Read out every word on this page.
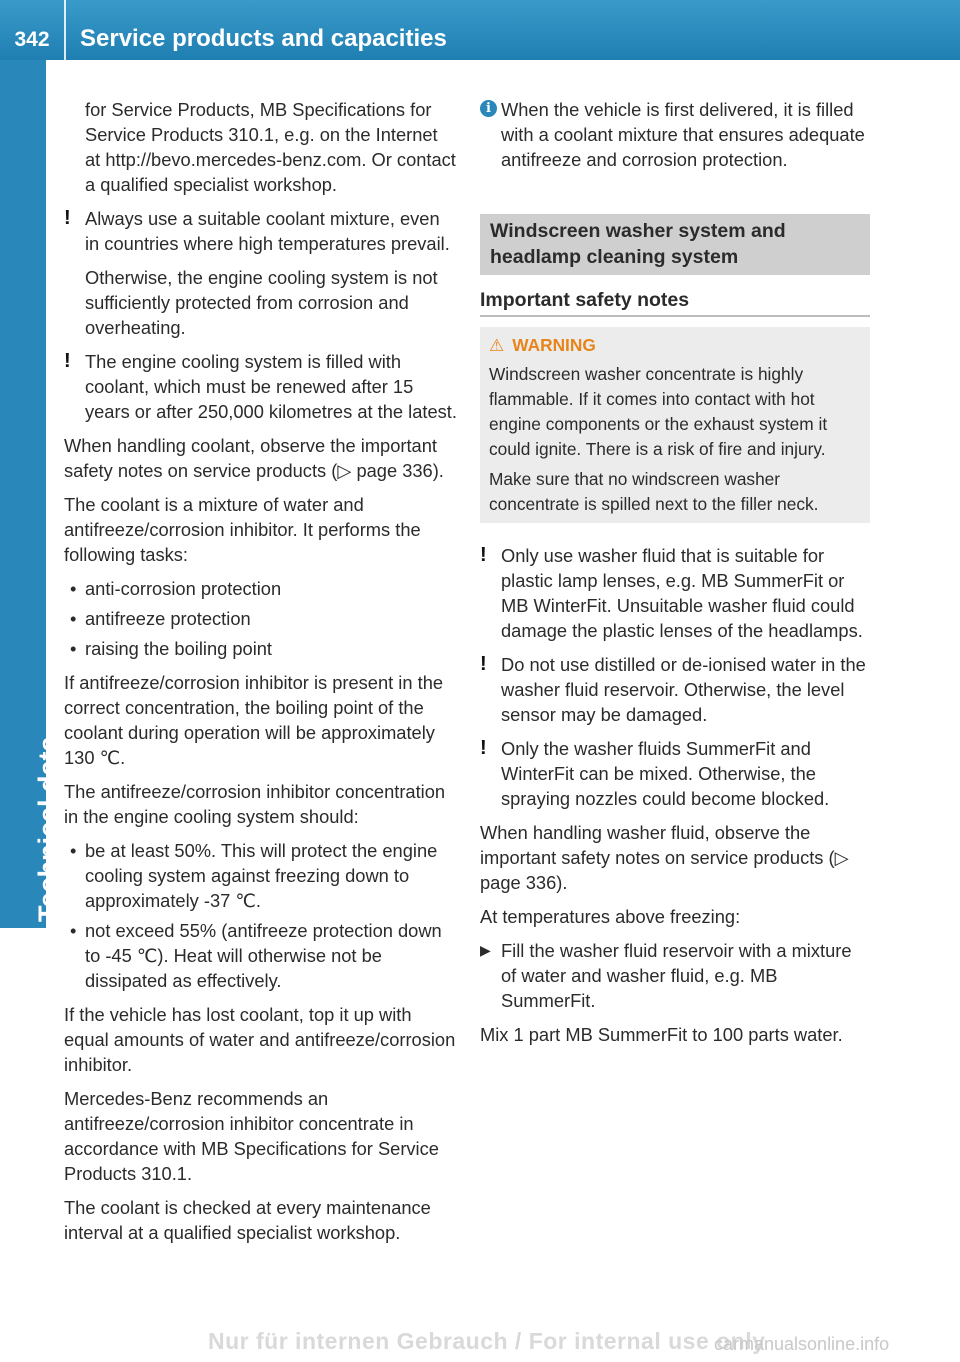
342	Service products and capacities
Technical data

for Service Products, MB Specifications for Service Products 310.1, e.g. on the Internet at http://bevo.mercedes-benz.com. Or contact a qualified specialist workshop.

! Always use a suitable coolant mixture, even in countries where high temperatures prevail.

Otherwise, the engine cooling system is not sufficiently protected from corrosion and overheating.

! The engine cooling system is filled with coolant, which must be renewed after 15 years or after 250,000 kilometres at the latest.

When handling coolant, observe the important safety notes on service products (▷ page 336).

The coolant is a mixture of water and antifreeze/corrosion inhibitor. It performs the following tasks:

• anti-corrosion protection
• antifreeze protection
• raising the boiling point

If antifreeze/corrosion inhibitor is present in the correct concentration, the boiling point of the coolant during operation will be approximately 130 ℃.

The antifreeze/corrosion inhibitor concentration in the engine cooling system should:

• be at least 50%. This will protect the engine cooling system against freezing down to approximately -37 ℃.
• not exceed 55% (antifreeze protection down to -45 ℃). Heat will otherwise not be dissipated as effectively.

If the vehicle has lost coolant, top it up with equal amounts of water and antifreeze/corrosion inhibitor.

Mercedes-Benz recommends an antifreeze/corrosion inhibitor concentrate in accordance with MB Specifications for Service Products 310.1.

The coolant is checked at every maintenance interval at a qualified specialist workshop.

i When the vehicle is first delivered, it is filled with a coolant mixture that ensures adequate antifreeze and corrosion protection.

Windscreen washer system and headlamp cleaning system
Important safety notes
⚠ WARNING

Windscreen washer concentrate is highly flammable. If it comes into contact with hot engine components or the exhaust system it could ignite. There is a risk of fire and injury.

Make sure that no windscreen washer concentrate is spilled next to the filler neck.

! Only use washer fluid that is suitable for plastic lamp lenses, e.g. MB SummerFit or MB WinterFit. Unsuitable washer fluid could damage the plastic lenses of the headlamps.

! Do not use distilled or de-ionised water in the washer fluid reservoir. Otherwise, the level sensor may be damaged.

! Only the washer fluids SummerFit and WinterFit can be mixed. Otherwise, the spraying nozzles could become blocked.

When handling washer fluid, observe the important safety notes on service products (▷ page 336).

At temperatures above freezing:

▶ Fill the washer fluid reservoir with a mixture of water and washer fluid, e.g. MB SummerFit.

Mix 1 part MB SummerFit to 100 parts water.

Nur für internen Gebrauch / For internal use only
carmanualsonline.info
